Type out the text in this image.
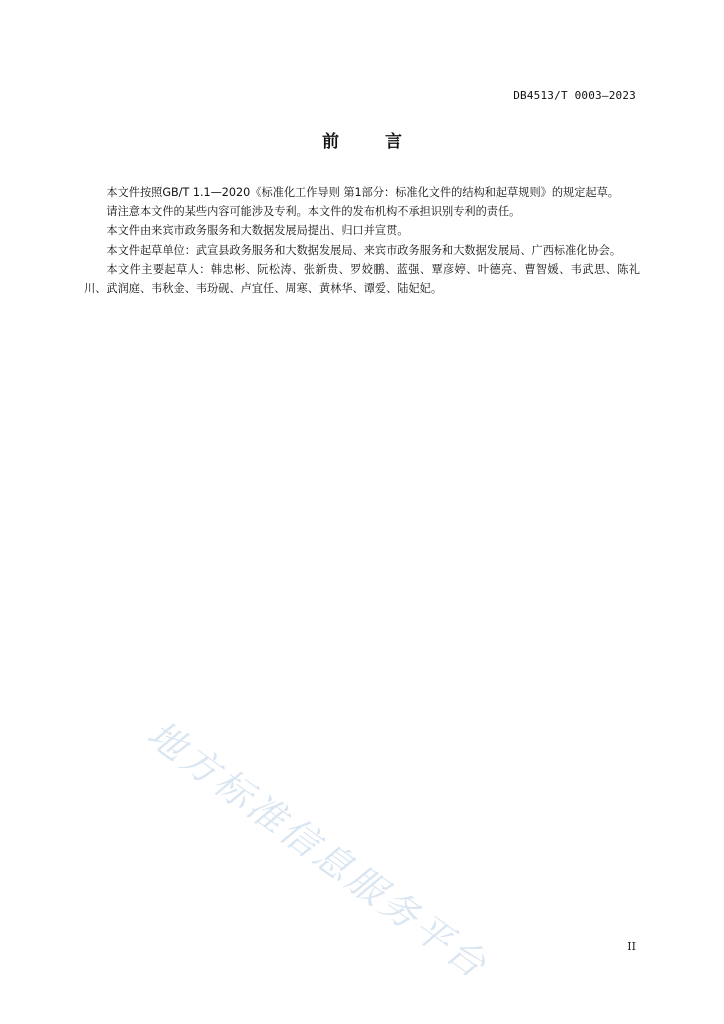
DB4513/T 0003—2023
前言

本文件按照GB/T 1.1—2020《标准化工作导则 第1部分：标准化文件的结构和起草规则》的规定起草。

请注意本文件的某些内容可能涉及专利。本文件的发布机构不承担识别专利的责任。

本文件由来宾市政务服务和大数据发展局提出、归口并宣贯。

本文件起草单位：武宣县政务服务和大数据发展局、来宾市政务服务和大数据发展局、广西标准化协会。

本文件主要起草人：韩忠彬、阮松涛、张新贵、罗姣鹏、蓝强、覃彦婷、叶德亮、曹智媛、韦武思、陈礼川、武润庭、韦秋金、韦玢砚、卢宜任、周寒、黄林华、谭爱、陆妃妃。

地方标准信息服务平台	II
